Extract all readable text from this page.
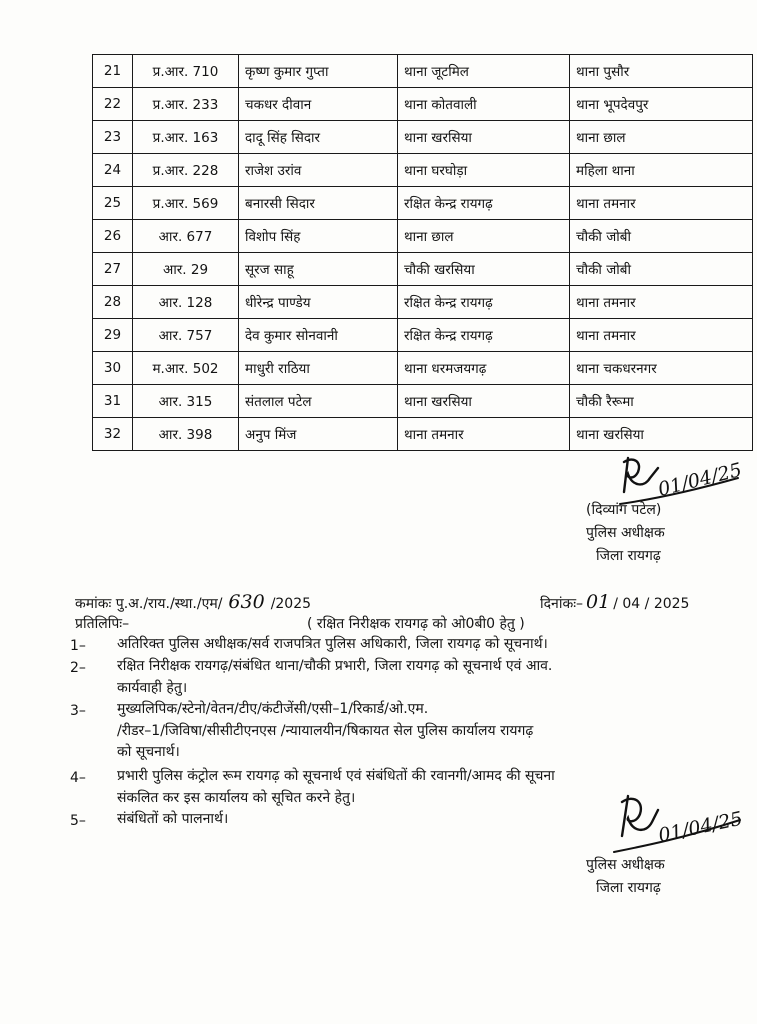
21	प्र.आर. 710	कृष्ण कुमार गुप्ता	थाना जूटमिल	थाना पुसौर
22	प्र.आर. 233	चकधर दीवान	थाना कोतवाली	थाना भूपदेवपुर
23	प्र.आर. 163	दादू सिंह सिदार	थाना खरसिया	थाना छाल
24	प्र.आर. 228	राजेश उरांव	थाना घरघोड़ा	महिला थाना
25	प्र.आर. 569	बनारसी सिदार	रक्षित केन्द्र रायगढ़	थाना तमनार
26	आर. 677	विशोप सिंह	थाना छाल	चौकी जोबी
27	आर. 29	सूरज साहू	चौकी खरसिया	चौकी जोबी
28	आर. 128	धीरेन्द्र पाण्डेय	रक्षित केन्द्र रायगढ़	थाना तमनार
29	आर. 757	देव कुमार सोनवानी	रक्षित केन्द्र रायगढ़	थाना तमनार
30	म.आर. 502	माधुरी राठिया	थाना धरमजयगढ़	थाना चकधरनगर
31	आर. 315	संतलाल पटेल	थाना खरसिया	चौकी रैरूमा
32	आर. 398	अनुप मिंज	थाना तमनार	थाना खरसिया
01/04/25
(दिव्यांग पटेल)
पुलिस अधीक्षक
जिला रायगढ़
कमांकः पु.अ./राय./स्था./एम/ 630 /2025	दिनांकः– 01 / 04 / 2025
प्रतिलिपिः–	( रक्षित निरीक्षक रायगढ़ को ओ0बी0 हेतु )
1– अतिरिक्त पुलिस अधीक्षक/सर्व राजपत्रित पुलिस अधिकारी, जिला रायगढ़ को सूचनार्थ।
2– रक्षित निरीक्षक रायगढ़/संबंधित थाना/चौकी प्रभारी, जिला रायगढ़ को सूचनार्थ एवं आव.
कार्यवाही हेतु।
3– मुख्यलिपिक/स्टेनो/वेतन/टीए/कंटीजेंसी/एसी–1/रिकार्ड/ओ.एम.
/रीडर–1/जिविषा/सीसीटीएनएस /न्यायालयीन/षिकायत सेल पुलिस कार्यालय रायगढ़
को सूचनार्थ।
4– प्रभारी पुलिस कंट्रोल रूम रायगढ़ को सूचनार्थ एवं संबंधितों की रवानगी/आमद की सूचना
संकलित कर इस कार्यालय को सूचित करने हेतु।
5– संबंधितों को पालनार्थ।	01/04/25
पुलिस अधीक्षक
जिला रायगढ़
